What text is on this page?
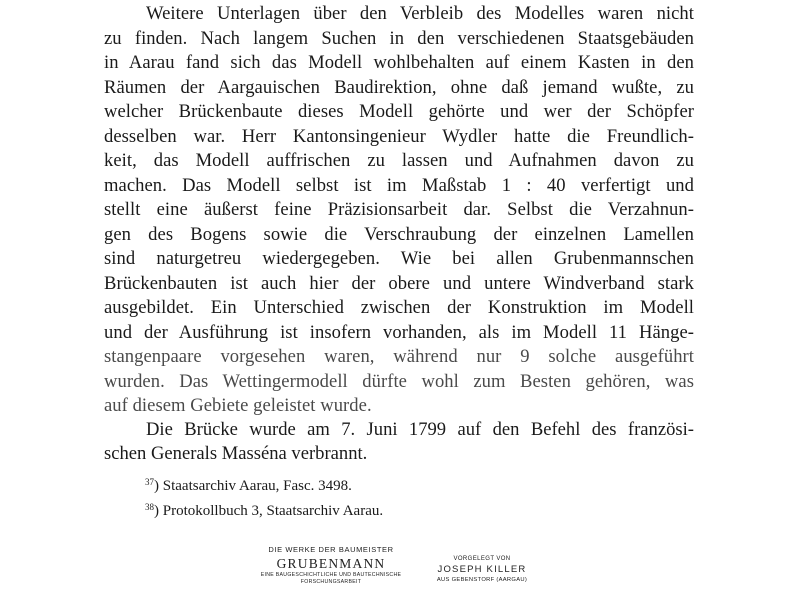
Weitere Unterlagen über den Verbleib des Modelles waren nicht
zu finden. Nach langem Suchen in den verschiedenen Staatsgebäuden
in Aarau fand sich das Modell wohlbehalten auf einem Kasten in den
Räumen der Aargauischen Baudirektion, ohne daß jemand wußte, zu
welcher Brückenbaute dieses Modell gehörte und wer der Schöpfer
desselben war. Herr Kantonsingenieur Wydler hatte die Freundlich-
keit, das Modell auffrischen zu lassen und Aufnahmen davon zu
machen. Das Modell selbst ist im Maßstab 1 : 40 verfertigt und
stellt eine äußerst feine Präzisionsarbeit dar. Selbst die Verzahnun-
gen des Bogens sowie die Verschraubung der einzelnen Lamellen
sind naturgetreu wiedergegeben. Wie bei allen Grubenmannschen
Brückenbauten ist auch hier der obere und untere Windverband stark
ausgebildet. Ein Unterschied zwischen der Konstruktion im Modell
und der Ausführung ist insofern vorhanden, als im Modell 11 Hänge-
stangenpaare vorgesehen waren, während nur 9 solche ausgeführt
wurden. Das Wettingermodell dürfte wohl zum Besten gehören, was
auf diesem Gebiete geleistet wurde.
Die Brücke wurde am 7. Juni 1799 auf den Befehl des französi-
schen Generals Masséna verbrannt.
$^{37}$) Staatsarchiv Aarau, Fasc. 3498.
$^{38}$) Protokollbuch 3, Staatsarchiv Aarau.
DIE WERKE DER BAUMEISTER
GRUBENMANN
EINE BAUGESCHICHTLICHE UND BAUTECHNISCHE
FORSCHUNGSARBEIT
VORGELEGT VON
JOSEPH KILLER
AUS GEBENSTORF (AARGAU)
